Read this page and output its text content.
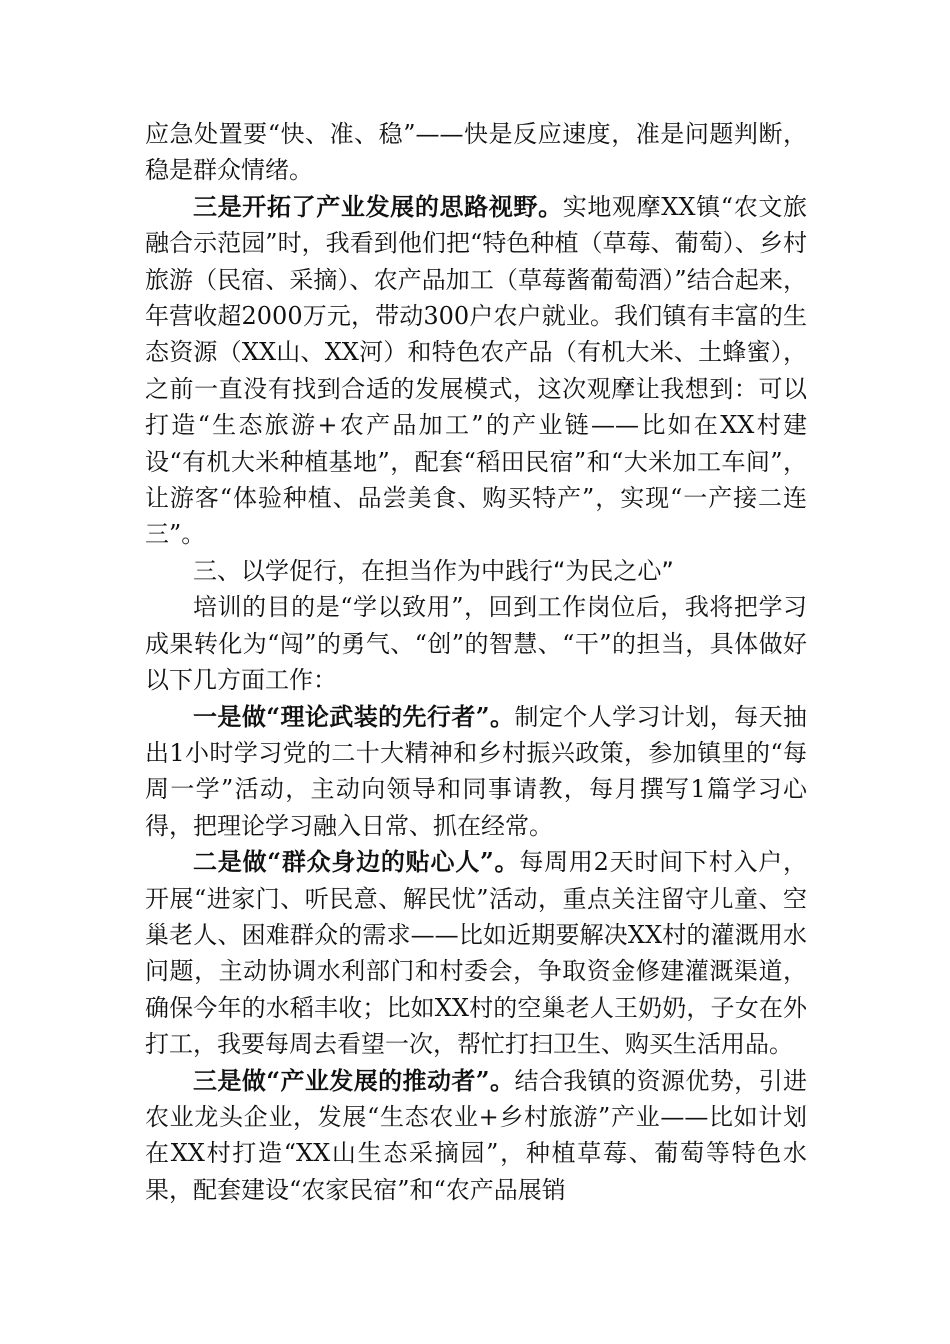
应急处置要“快、准、稳”——快是反应速度，准是问题判断，稳是群众情绪。

三是开拓了产业发展的思路视野。实地观摩XX镇“农文旅融合示范园”时，我看到他们把“特色种植（草莓、葡萄）、乡村旅游（民宿、采摘）、农产品加工（草莓酱葡萄酒）”结合起来，年营收超2000万元，带动300户农户就业。我们镇有丰富的生态资源（XX山、XX河）和特色农产品（有机大米、土蜂蜜），之前一直没有找到合适的发展模式，这次观摩让我想到：可以打造“生态旅游+农产品加工”的产业链——比如在XX村建设“有机大米种植基地”，配套“稻田民宿”和“大米加工车间”，让游客“体验种植、品尝美食、购买特产”，实现“一产接二连三”。

三、以学促行，在担当作为中践行“为民之心”

培训的目的是“学以致用”，回到工作岗位后，我将把学习成果转化为“闯”的勇气、“创”的智慧、“干”的担当，具体做好以下几方面工作：

一是做“理论武装的先行者”。制定个人学习计划，每天抽出1小时学习党的二十大精神和乡村振兴政策，参加镇里的“每周一学”活动，主动向领导和同事请教，每月撰写1篇学习心得，把理论学习融入日常、抓在经常。

二是做“群众身边的贴心人”。每周用2天时间下村入户，开展“进家门、听民意、解民忧”活动，重点关注留守儿童、空巢老人、困难群众的需求——比如近期要解决XX村的灌溉用水问题，主动协调水利部门和村委会，争取资金修建灌溉渠道，确保今年的水稻丰收；比如XX村的空巢老人王奶奶，子女在外打工，我要每周去看望一次，帮忙打扫卫生、购买生活用品。

三是做“产业发展的推动者”。结合我镇的资源优势，引进农业龙头企业，发展“生态农业+乡村旅游”产业——比如计划在XX村打造“XX山生态采摘园”，种植草莓、葡萄等特色水果，配套建设“农家民宿”和“农产品展销
